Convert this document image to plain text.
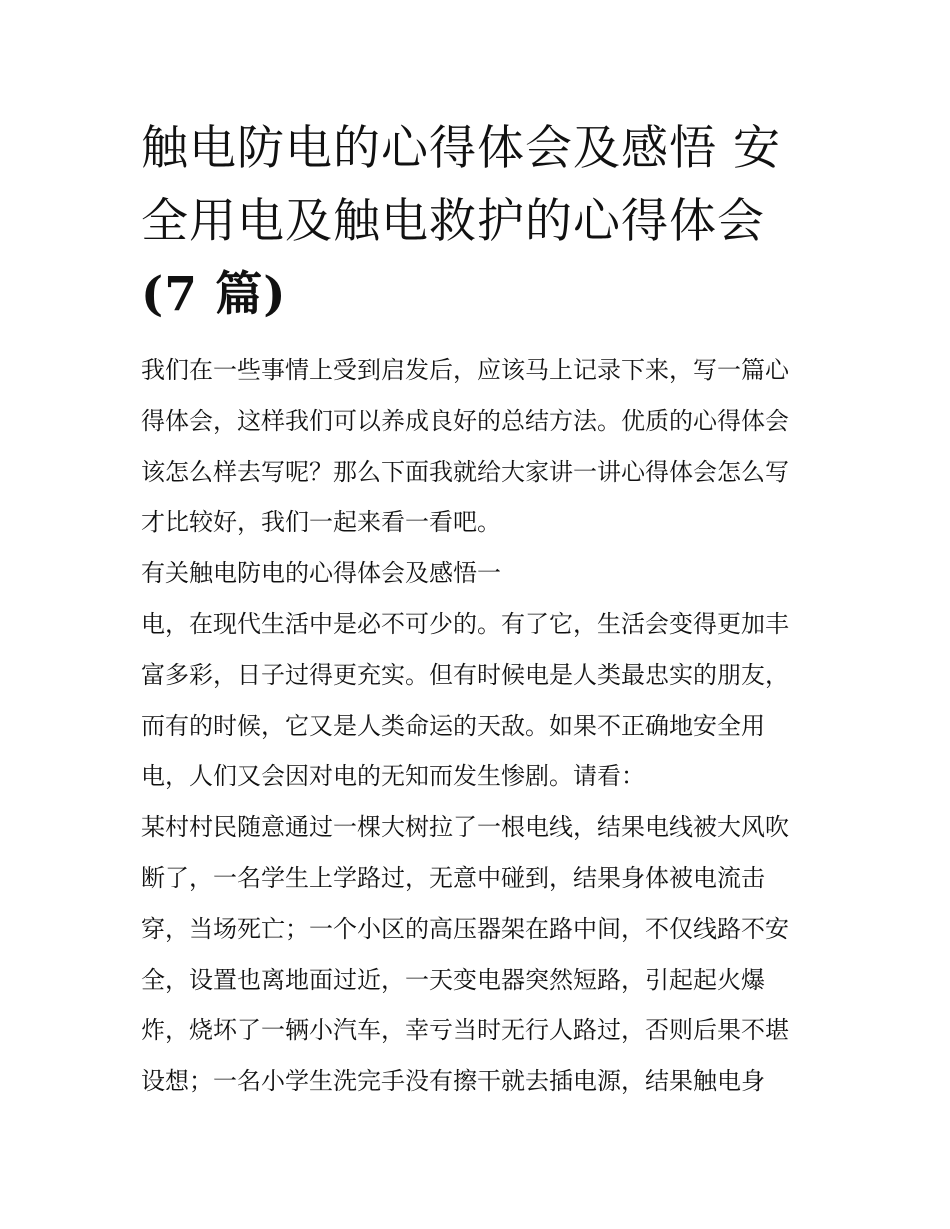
触电防电的心得体会及感悟 安
全用电及触电救护的心得体会
(7 篇)
我们在一些事情上受到启发后，应该马上记录下来，写一篇心
得体会，这样我们可以养成良好的总结方法。优质的心得体会
该怎么样去写呢？那么下面我就给大家讲一讲心得体会怎么写
才比较好，我们一起来看一看吧。
有关触电防电的心得体会及感悟一
电，在现代生活中是必不可少的。有了它，生活会变得更加丰
富多彩，日子过得更充实。但有时候电是人类最忠实的朋友，
而有的时候，它又是人类命运的天敌。如果不正确地安全用
电，人们又会因对电的无知而发生惨剧。请看：
某村村民随意通过一棵大树拉了一根电线，结果电线被大风吹
断了，一名学生上学路过，无意中碰到，结果身体被电流击
穿，当场死亡；一个小区的高压器架在路中间，不仅线路不安
全，设置也离地面过近，一天变电器突然短路，引起起火爆
炸，烧坏了一辆小汽车，幸亏当时无行人路过，否则后果不堪
设想；一名小学生洗完手没有擦干就去插电源，结果触电身
